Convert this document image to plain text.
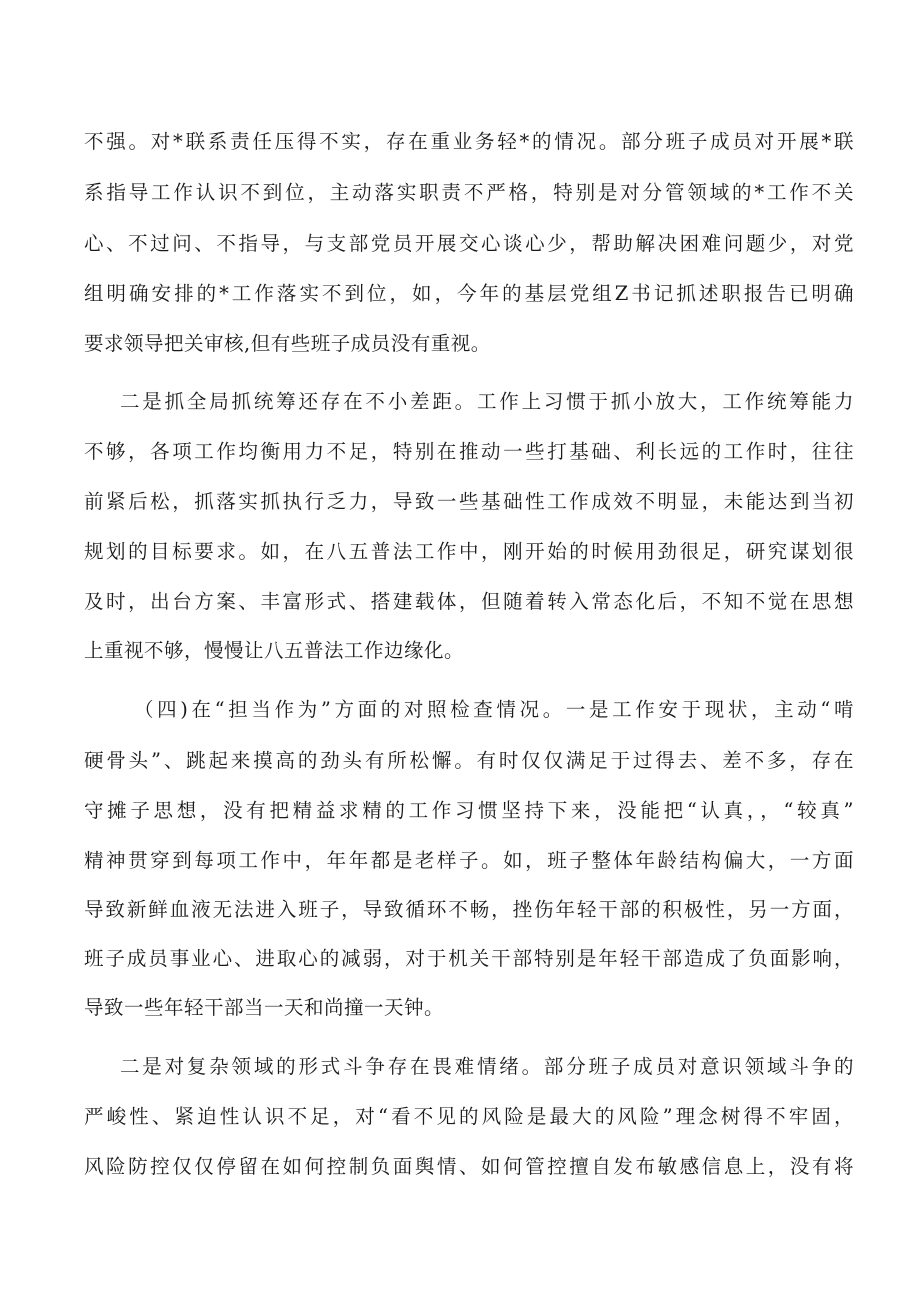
不强。对*联系责任压得不实，存在重业务轻*的情况。部分班子成员对开展*联

系指导工作认识不到位，主动落实职责不严格，特别是对分管领域的*工作不关

心、不过问、不指导，与支部党员开展交心谈心少，帮助解决困难问题少，对党

组明确安排的*工作落实不到位，如，今年的基层党组Z书记抓述职报告已明确

要求领导把关审核,但有些班子成员没有重视。

二是抓全局抓统筹还存在不小差距。工作上习惯于抓小放大，工作统筹能力

不够，各项工作均衡用力不足，特别在推动一些打基础、利长远的工作时，往往

前紧后松，抓落实抓执行乏力，导致一些基础性工作成效不明显，未能达到当初

规划的目标要求。如，在八五普法工作中，刚开始的时候用劲很足，研究谋划很

及时，出台方案、丰富形式、搭建载体，但随着转入常态化后，不知不觉在思想

上重视不够，慢慢让八五普法工作边缘化。

（四)在“担当作为”方面的对照检查情况。一是工作安于现状，主动“啃

硬骨头”、跳起来摸高的劲头有所松懈。有时仅仅满足于过得去、差不多，存在

守摊子思想，没有把精益求精的工作习惯坚持下来，没能把“认真，，“较真”

精神贯穿到每项工作中，年年都是老样子。如，班子整体年龄结构偏大，一方面

导致新鲜血液无法进入班子，导致循环不畅，挫伤年轻干部的积极性，另一方面，

班子成员事业心、进取心的减弱，对于机关干部特别是年轻干部造成了负面影响，

导致一些年轻干部当一天和尚撞一天钟。

二是对复杂领域的形式斗争存在畏难情绪。部分班子成员对意识领域斗争的

严峻性、紧迫性认识不足，对“看不见的风险是最大的风险”理念树得不牢固，

风险防控仅仅停留在如何控制负面舆情、如何管控擅自发布敏感信息上，没有将
